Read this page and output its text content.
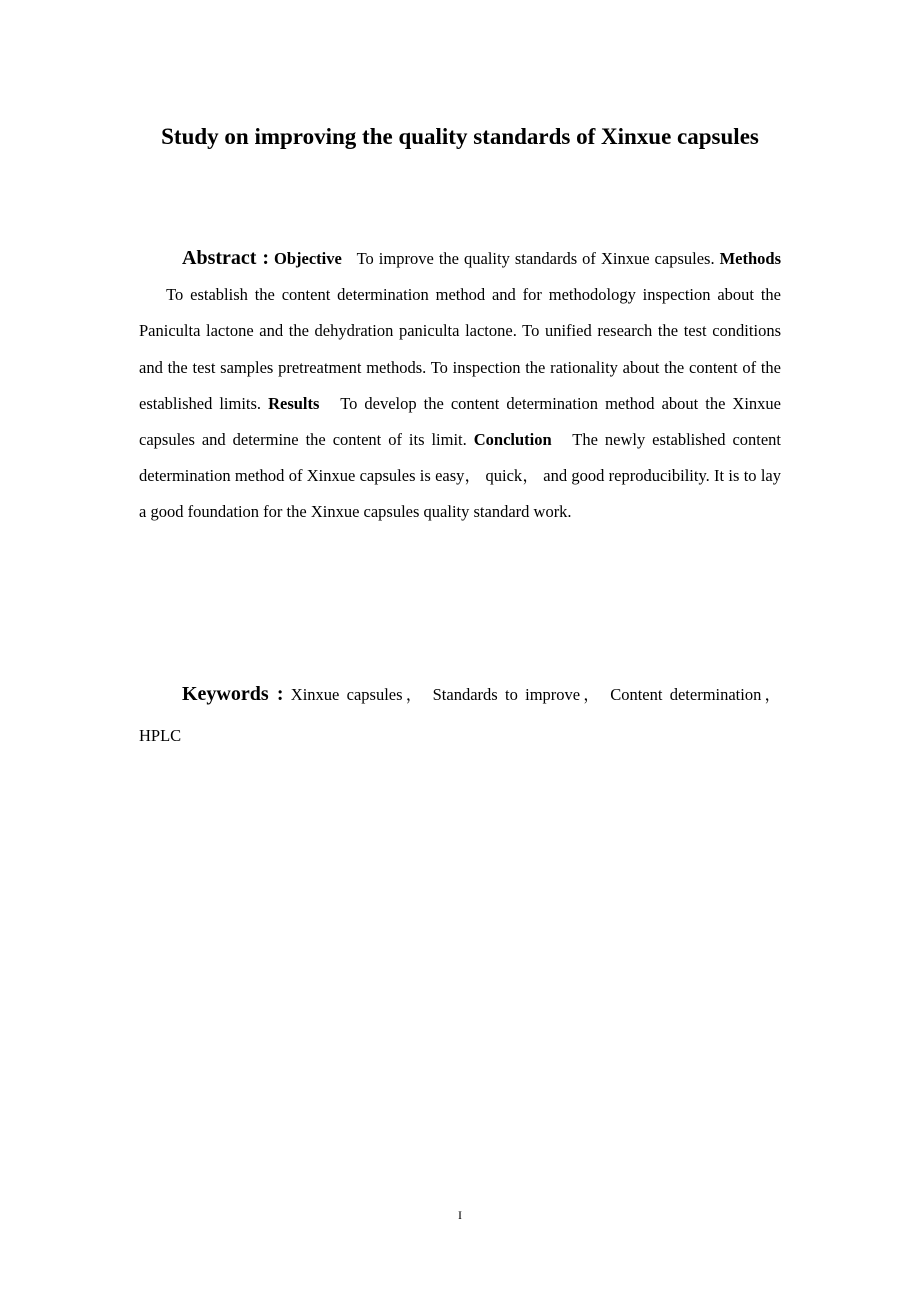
Study on improving the quality standards of Xinxue capsules

Abstract : Objective To improve the quality standards of Xinxue capsules. Methods    To establish the content determination method and for methodology inspection about the Paniculta lactone and the dehydration paniculta lactone. To unified research the test conditions and the test samples pretreatment methods. To inspection the rationality about the content of the established limits. Results To develop the content determination method about the Xinxue capsules and determine the content of its limit. Conclution The newly established content determination method of Xinxue capsules is easy， quick， and good reproducibility. It is to lay a good foundation for the Xinxue capsules quality standard work.

Keywords : Xinxue capsules， Standards to improve， Content determination， HPLC

I
